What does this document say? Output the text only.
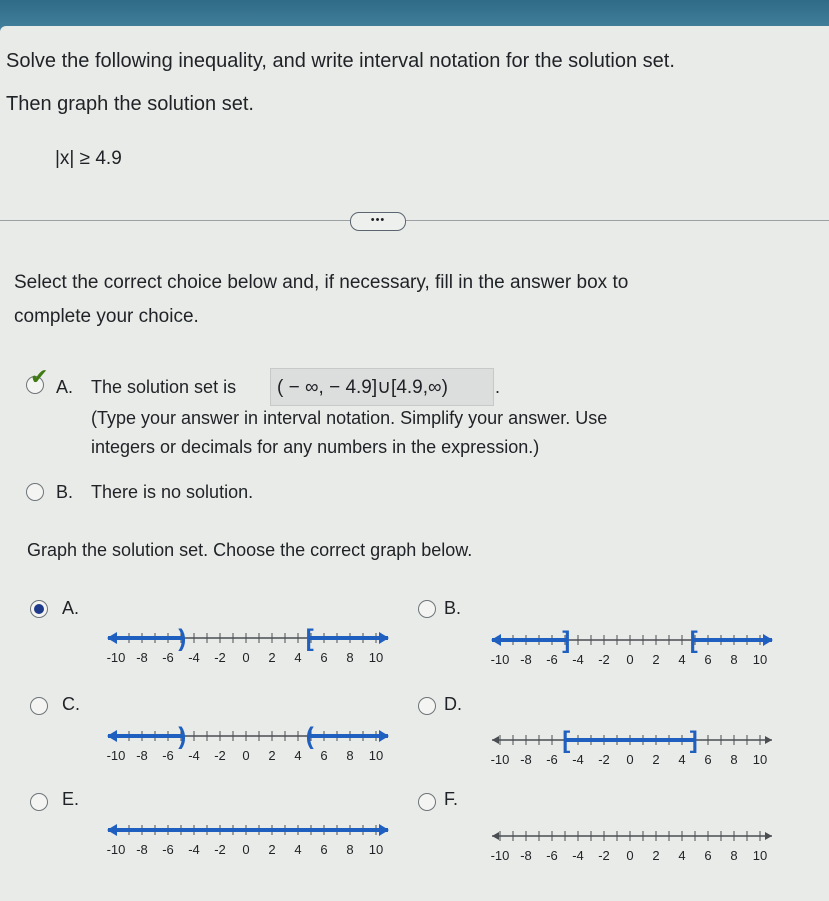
Solve the following inequality, and write interval notation for the solution set.
Then graph the solution set.
|x| ≥ 4.9
•••
Select the correct choice below and, if necessary, fill in the answer box to
complete your choice.
✔ A. The solution set is ( − ∞, − 4.9]∪[4.9,∞)	.
(Type your answer in interval notation. Simplify your answer. Use
integers or decimals for any numbers in the expression.)
B. There is no solution.
Graph the solution set. Choose the correct graph below.
A.
-10 -8 -6 -4 -2 0 2 4 6 8 10
)	[
B.
-10 -8 -6 -4 -2 0 2 4 6 8 10
]	[
C.
-10 -8 -6 -4 -2 0 2 4 6 8 10
)	(
D.
-10 -8 -6 -4 -2 0 2 4 6 8 10
[	]
E.
-10 -8 -6 -4 -2 0 2 4 6 8 10
F.
-10 -8 -6 -4 -2 0 2 4 6 8 10
